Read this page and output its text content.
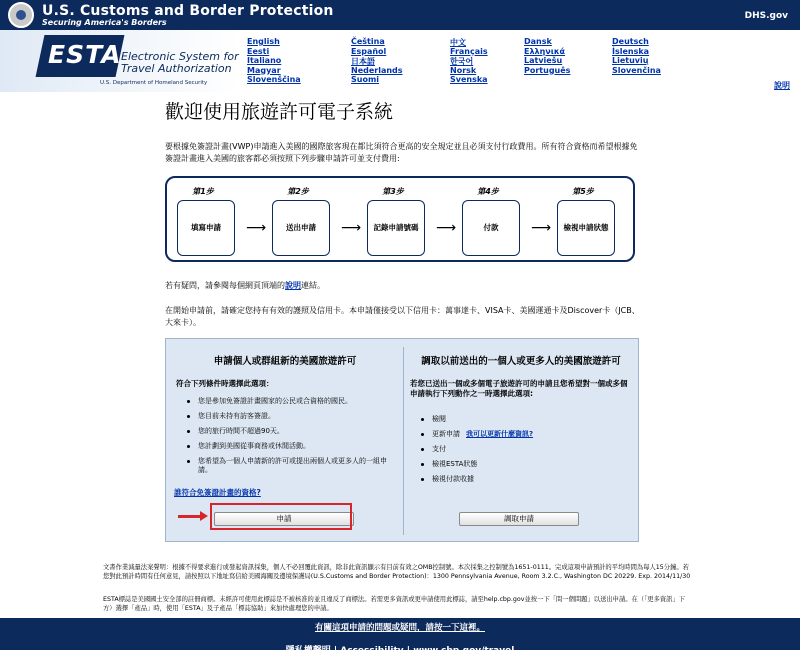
U.S. Customs and Border Protection
Securing America's Borders
DHS.gov
ESTA Electronic System for
Travel Authorization
U.S. Department of Homeland Security
English
Eesti
Italiano
Magyar
Slovenščina
Čeština
Español
日本語
Nederlands
Suomi
中文
Français
한국어
Norsk
Svenska
Dansk
Ελληνικά
Latviešu
Português
Deutsch
Íslenska
Lietuvių
Slovenčina
說明
歡迎使用旅遊許可電子系統
要根據免簽證計畫(VWP)申請進入美國的國際旅客現在都比須符合更高的安全規定並且必須支付行政費用。所有符合資格而希望根據免簽證計畫進入美國的旅客都必須按照下列步驟申請許可並支付費用:
第1步
填寫申請	⟶
第2步
送出申請	⟶
第3步
記錄申請號碼	⟶
第4步
付款	⟶
第5步
檢視申請狀態
若有疑問，請參閱每個網頁頂端的說明連結。
在開始申請前，請確定您持有有效的護照及信用卡。本申請僅接受以下信用卡：萬事達卡、VISA卡、美國運通卡及Discover卡（JCB、大來卡）。
申請個人或群組新的美國旅遊許可
符合下列條件時選擇此選項：
您是參加免簽證計畫國家的公民或合資格的國民。
您目前未持有訪客簽證。
您的旅行時間不超過90天。
您計劃到美國從事商務或休閒活動。
您希望為一個人申請新的許可或提出兩個人或更多人的一組申請。
誰符合免簽證計畫的資格?
申請
調取以前送出的一個人或更多人的美國旅遊許可
若您已送出一個或多個電子旅遊許可的申請且您希望對一個或多個申請執行下列動作之一時選擇此選項:
檢閱
更新申請 我可以更新什麼資訊?
支付
檢視ESTA狀態
檢視付款收據
調取申請
文書作業減量法案聲明：根據不得要求進行或發起資訊採集，個人不必回覆此資訊，除非此資訊顯示有目前有效之OMB控制號。本次採集之控制號為1651-0111。完成這項申請預計的平均時間為每人15分鐘。若您對此預計時間有任何意見，請按照以下地址寫信給美國海關及邊境保護局(U.S.Customs and Border Protection)：1300 Pennsylvania Avenue, Room 3.2.C., Washington DC 20229. Exp. 2014/11/30
ESTA標誌是美國國土安全部的註冊商標。未經許可使用此標誌是不被核准的並且違反了商標法。若需更多資訊或更申請使用此標誌，請至help.cbp.gov並按一下「問一個問題」以送出申請。在（「更多資訊」下方）選擇「產品」時，使用「ESTA」及子產品「標誌協助」來加快處理您的申請。
有關這項申請的問題或疑問，請按一下這裡。
隱私權聲明 | Accessibility | www.cbp.gov/travel
